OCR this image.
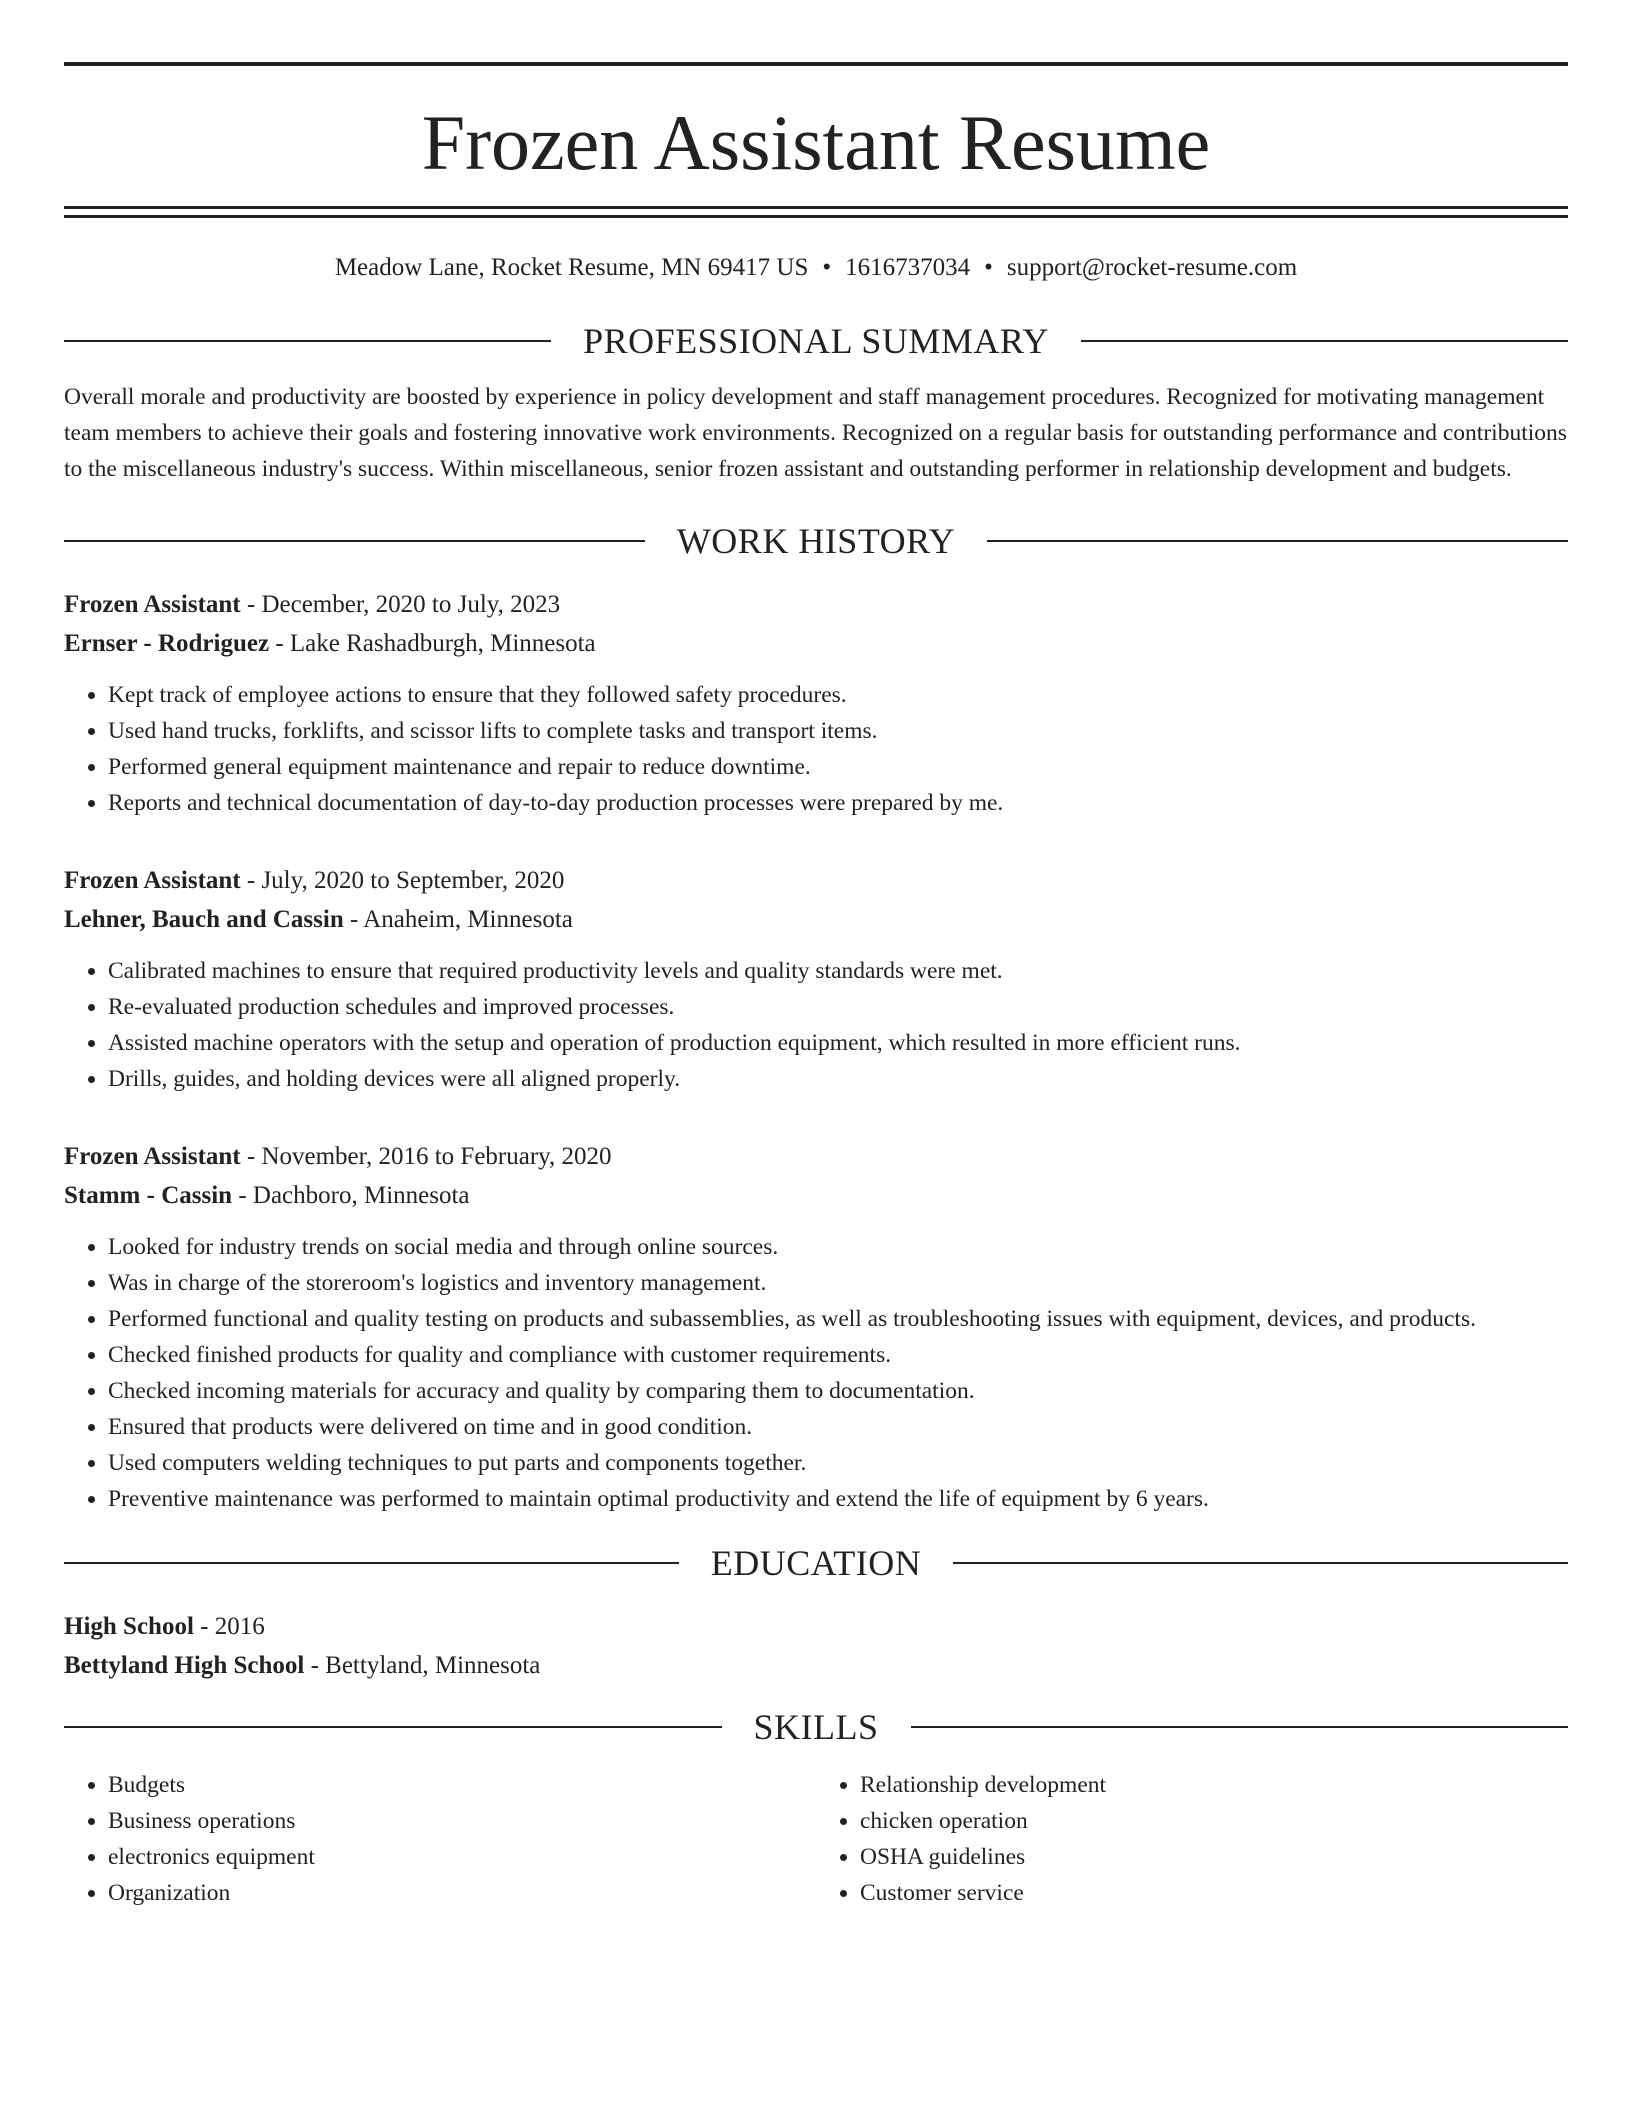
Frozen Assistant Resume
Meadow Lane, Rocket Resume, MN 69417 US • 1616737034 • support@rocket-resume.com
PROFESSIONAL SUMMARY
Overall morale and productivity are boosted by experience in policy development and staff management procedures. Recognized for motivating management team members to achieve their goals and fostering innovative work environments. Recognized on a regular basis for outstanding performance and contributions to the miscellaneous industry's success. Within miscellaneous, senior frozen assistant and outstanding performer in relationship development and budgets.
WORK HISTORY
Frozen Assistant - December, 2020 to July, 2023
Ernser - Rodriguez - Lake Rashadburgh, Minnesota
• Kept track of employee actions to ensure that they followed safety procedures.
• Used hand trucks, forklifts, and scissor lifts to complete tasks and transport items.
• Performed general equipment maintenance and repair to reduce downtime.
• Reports and technical documentation of day-to-day production processes were prepared by me.
Frozen Assistant - July, 2020 to September, 2020
Lehner, Bauch and Cassin - Anaheim, Minnesota
• Calibrated machines to ensure that required productivity levels and quality standards were met.
• Re-evaluated production schedules and improved processes.
• Assisted machine operators with the setup and operation of production equipment, which resulted in more efficient runs.
• Drills, guides, and holding devices were all aligned properly.
Frozen Assistant - November, 2016 to February, 2020
Stamm - Cassin - Dachboro, Minnesota
• Looked for industry trends on social media and through online sources.
• Was in charge of the storeroom's logistics and inventory management.
• Performed functional and quality testing on products and subassemblies, as well as troubleshooting issues with equipment, devices, and products.
• Checked finished products for quality and compliance with customer requirements.
• Checked incoming materials for accuracy and quality by comparing them to documentation.
• Ensured that products were delivered on time and in good condition.
• Used computers welding techniques to put parts and components together.
• Preventive maintenance was performed to maintain optimal productivity and extend the life of equipment by 6 years.
EDUCATION
High School - 2016
Bettyland High School - Bettyland, Minnesota
SKILLS
• Budgets
• Business operations
• electronics equipment
• Organization
• Relationship development
• chicken operation
• OSHA guidelines
• Customer service
